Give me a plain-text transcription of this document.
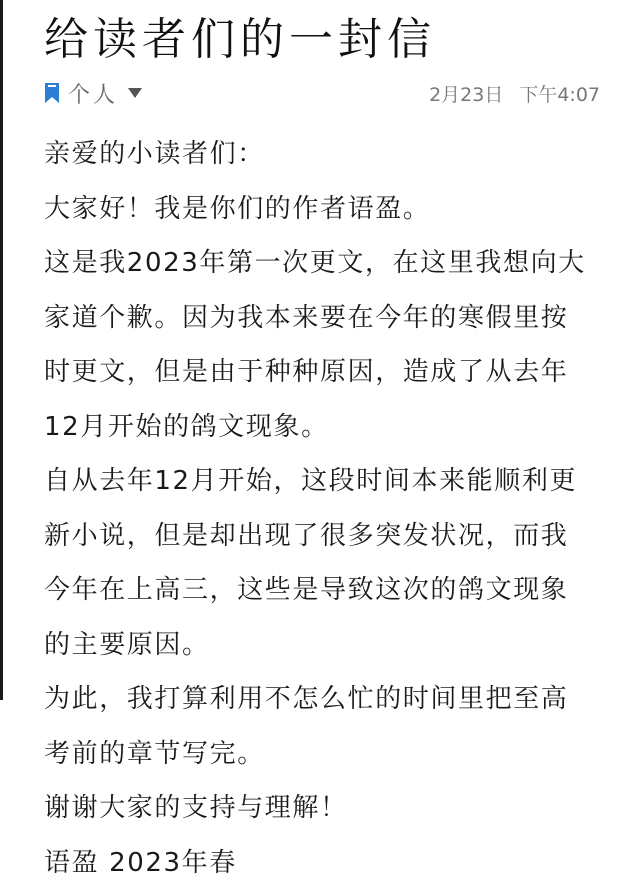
给读者们的一封信
个人	2月23日 下午4:07
亲爱的小读者们：
大家好！我是你们的作者语盈。
这是我2023年第一次更文，在这里我想向大
家道个歉。因为我本来要在今年的寒假里按
时更文，但是由于种种原因，造成了从去年
12月开始的鸽文现象。
自从去年12月开始，这段时间本来能顺利更
新小说，但是却出现了很多突发状况，而我
今年在上高三，这些是导致这次的鸽文现象
的主要原因。
为此，我打算利用不怎么忙的时间里把至高
考前的章节写完。
谢谢大家的支持与理解！
语盈 2023年春
